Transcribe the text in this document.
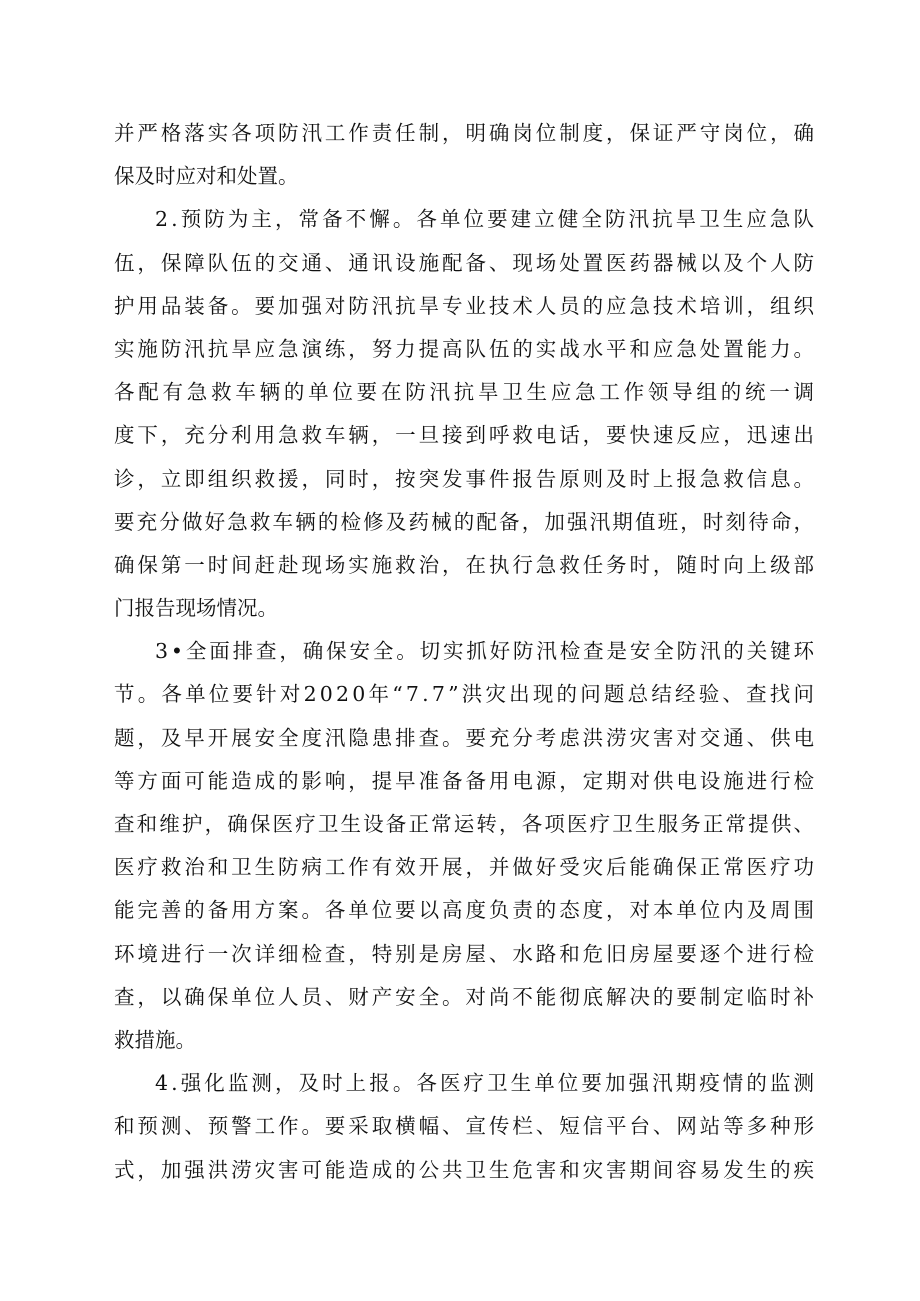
并严格落实各项防汛工作责任制，明确岗位制度，保证严守岗位，确
保及时应对和处置。
2.预防为主，常备不懈。各单位要建立健全防汛抗旱卫生应急队
伍，保障队伍的交通、通讯设施配备、现场处置医药器械以及个人防
护用品装备。要加强对防汛抗旱专业技术人员的应急技术培训，组织
实施防汛抗旱应急演练，努力提高队伍的实战水平和应急处置能力。
各配有急救车辆的单位要在防汛抗旱卫生应急工作领导组的统一调
度下，充分利用急救车辆，一旦接到呼救电话，要快速反应，迅速出
诊，立即组织救援，同时，按突发事件报告原则及时上报急救信息。
要充分做好急救车辆的检修及药械的配备，加强汛期值班，时刻待命，
确保第一时间赶赴现场实施救治，在执行急救任务时，随时向上级部
门报告现场情况。
3•全面排查，确保安全。切实抓好防汛检查是安全防汛的关键环
节。各单位要针对2020年“7.7”洪灾出现的问题总结经验、查找问
题，及早开展安全度汛隐患排查。要充分考虑洪涝灾害对交通、供电
等方面可能造成的影响，提早准备备用电源，定期对供电设施进行检
查和维护，确保医疗卫生设备正常运转，各项医疗卫生服务正常提供、
医疗救治和卫生防病工作有效开展，并做好受灾后能确保正常医疗功
能完善的备用方案。各单位要以高度负责的态度，对本单位内及周围
环境进行一次详细检查，特别是房屋、水路和危旧房屋要逐个进行检
查，以确保单位人员、财产安全。对尚不能彻底解决的要制定临时补
救措施。
4.强化监测，及时上报。各医疗卫生单位要加强汛期疫情的监测
和预测、预警工作。要采取横幅、宣传栏、短信平台、网站等多种形
式，加强洪涝灾害可能造成的公共卫生危害和灾害期间容易发生的疾
